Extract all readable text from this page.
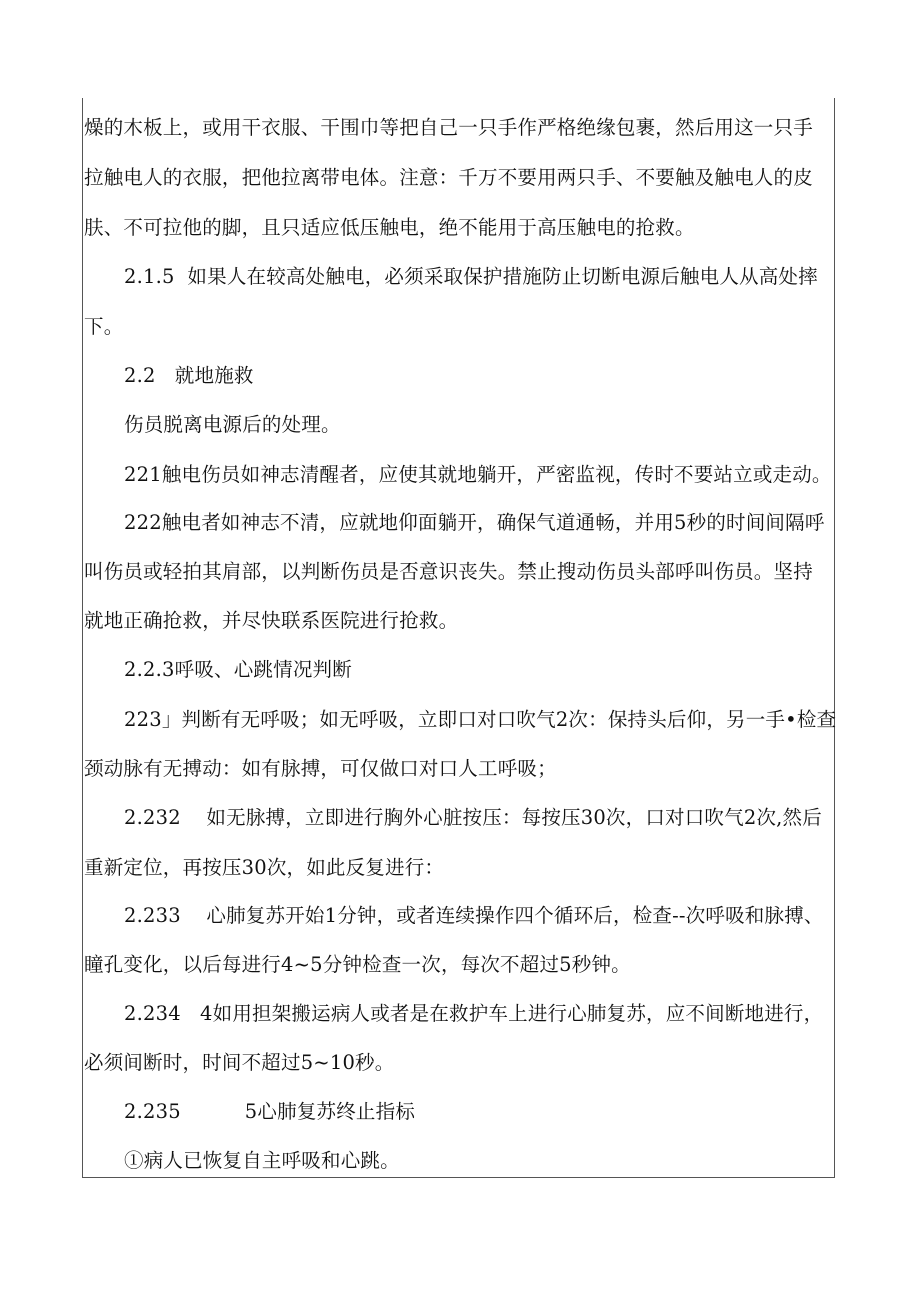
燥的木板上，或用干衣服、干围巾等把自己一只手作严格绝缘包裹，然后用这一只手
拉触电人的衣服，把他拉离带电体。注意：千万不要用两只手、不要触及触电人的皮
肤、不可拉他的脚，且只适应低压触电，绝不能用于高压触电的抢救。
2.1.5  如果人在较高处触电，必须采取保护措施防止切断电源后触电人从高处摔
下。
2.2   就地施救
伤员脱离电源后的处理。
221触电伤员如神志清醒者，应使其就地躺开，严密监视，传时不要站立或走动。
222触电者如神志不清，应就地仰面躺开，确保气道通畅，并用5秒的时间间隔呼
叫伤员或轻拍其肩部，以判断伤员是否意识丧失。禁止搜动伤员头部呼叫伤员。坚持
就地正确抢救，并尽快联系医院进行抢救。
2.2.3呼吸、心跳情况判断
223」判断有无呼吸；如无呼吸，立即口对口吹气2次：保持头后仰，另一手•检查
颈动脉有无搏动：如有脉搏，可仅做口对口人工呼吸；
2.232    如无脉搏，立即进行胸外心脏按压：每按压30次，口对口吹气2次,然后
重新定位，再按压30次，如此反复进行：
2.233    心肺复苏开始1分钟，或者连续操作四个循环后，检查--次呼吸和脉搏、
瞳孔变化，以后每进行4~5分钟检查一次，每次不超过5秒钟。
2.234   4如用担架搬运病人或者是在救护车上进行心肺复苏，应不间断地进行，
必须间断时，时间不超过5~10秒。
2.235          5心肺复苏终止指标
①病人已恢复自主呼吸和心跳。
